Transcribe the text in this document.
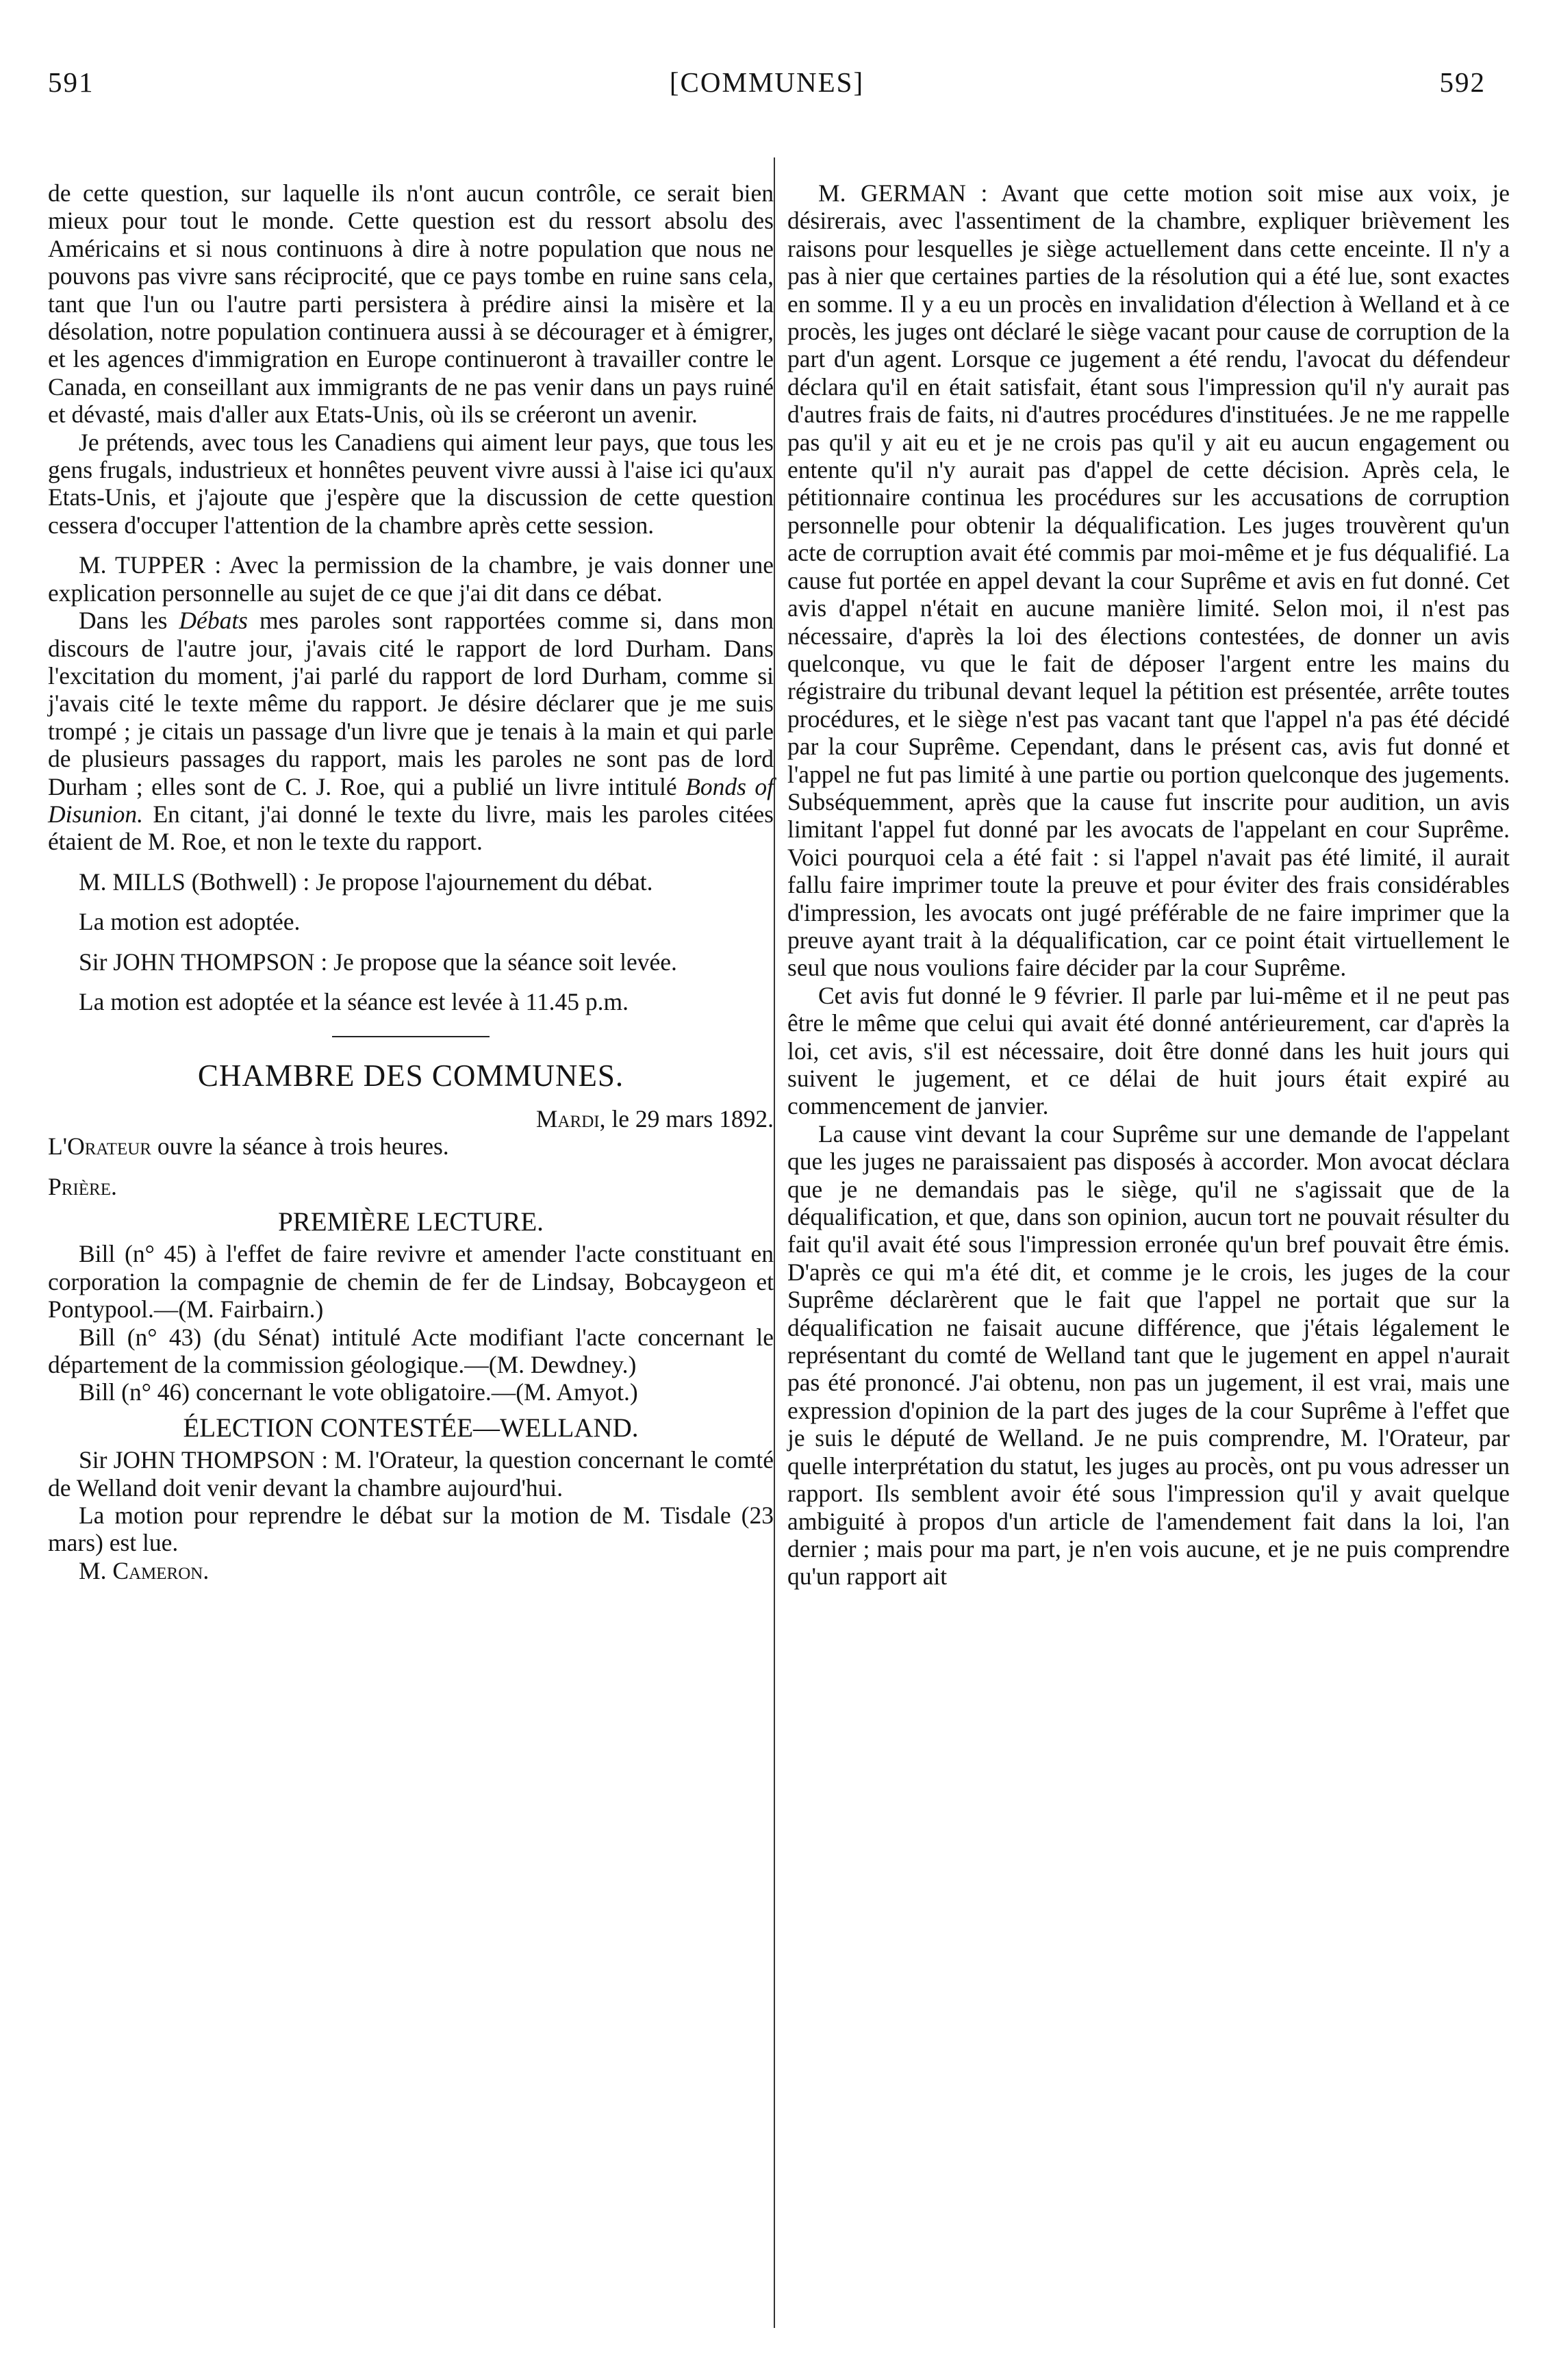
591	[COMMUNES]	592

de cette question, sur laquelle ils n'ont aucun contrôle, ce serait bien mieux pour tout le monde. Cette question est du ressort absolu des Américains et si nous continuons à dire à notre population que nous ne pouvons pas vivre sans réciprocité, que ce pays tombe en ruine sans cela, tant que l'un ou l'autre parti persistera à prédire ainsi la misère et la désolation, notre population continuera aussi à se décourager et à émigrer, et les agences d'immigration en Europe continueront à travailler contre le Canada, en conseillant aux immigrants de ne pas venir dans un pays ruiné et dévasté, mais d'aller aux Etats-Unis, où ils se créeront un avenir.

Je prétends, avec tous les Canadiens qui aiment leur pays, que tous les gens frugals, industrieux et honnêtes peuvent vivre aussi à l'aise ici qu'aux Etats-Unis, et j'ajoute que j'espère que la discussion de cette question cessera d'occuper l'attention de la chambre après cette session.

M. TUPPER : Avec la permission de la chambre, je vais donner une explication personnelle au sujet de ce que j'ai dit dans ce débat.

Dans les Débats mes paroles sont rapportées comme si, dans mon discours de l'autre jour, j'avais cité le rapport de lord Durham. Dans l'excitation du moment, j'ai parlé du rapport de lord Durham, comme si j'avais cité le texte même du rapport. Je désire déclarer que je me suis trompé ; je citais un passage d'un livre que je tenais à la main et qui parle de plusieurs passages du rapport, mais les paroles ne sont pas de lord Durham ; elles sont de C. J. Roe, qui a publié un livre intitulé Bonds of Disunion. En citant, j'ai donné le texte du livre, mais les paroles citées étaient de M. Roe, et non le texte du rapport.

M. MILLS (Bothwell) : Je propose l'ajournement du débat.

La motion est adoptée.

Sir JOHN THOMPSON : Je propose que la séance soit levée.

La motion est adoptée et la séance est levée à 11.45 p.m.

CHAMBRE DES COMMUNES.

Mardi, le 29 mars 1892.

L'Orateur ouvre la séance à trois heures.

Prière.

PREMIÈRE LECTURE.

Bill (n° 45) à l'effet de faire revivre et amender l'acte constituant en corporation la compagnie de chemin de fer de Lindsay, Bobcaygeon et Pontypool.—(M. Fairbairn.)

Bill (n° 43) (du Sénat) intitulé Acte modifiant l'acte concernant le département de la commission géologique.—(M. Dewdney.)

Bill (n° 46) concernant le vote obligatoire.—(M. Amyot.)

ÉLECTION CONTESTÉE—WELLAND.

Sir JOHN THOMPSON : M. l'Orateur, la question concernant le comté de Welland doit venir devant la chambre aujourd'hui.

La motion pour reprendre le débat sur la motion de M. Tisdale (23 mars) est lue.

M. Cameron.

M. GERMAN : Avant que cette motion soit mise aux voix, je désirerais, avec l'assentiment de la chambre, expliquer brièvement les raisons pour lesquelles je siège actuellement dans cette enceinte. Il n'y a pas à nier que certaines parties de la résolution qui a été lue, sont exactes en somme. Il y a eu un procès en invalidation d'élection à Welland et à ce procès, les juges ont déclaré le siège vacant pour cause de corruption de la part d'un agent. Lorsque ce jugement a été rendu, l'avocat du défendeur déclara qu'il en était satisfait, étant sous l'impression qu'il n'y aurait pas d'autres frais de faits, ni d'autres procédures d'instituées. Je ne me rappelle pas qu'il y ait eu et je ne crois pas qu'il y ait eu aucun engagement ou entente qu'il n'y aurait pas d'appel de cette décision. Après cela, le pétitionnaire continua les procédures sur les accusations de corruption personnelle pour obtenir la déqualification. Les juges trouvèrent qu'un acte de corruption avait été commis par moi-même et je fus déqualifié. La cause fut portée en appel devant la cour Suprême et avis en fut donné. Cet avis d'appel n'était en aucune manière limité. Selon moi, il n'est pas nécessaire, d'après la loi des élections contestées, de donner un avis quelconque, vu que le fait de déposer l'argent entre les mains du régistraire du tribunal devant lequel la pétition est présentée, arrête toutes procédures, et le siège n'est pas vacant tant que l'appel n'a pas été décidé par la cour Suprême. Cependant, dans le présent cas, avis fut donné et l'appel ne fut pas limité à une partie ou portion quelconque des jugements. Subséquemment, après que la cause fut inscrite pour audition, un avis limitant l'appel fut donné par les avocats de l'appelant en cour Suprême. Voici pourquoi cela a été fait : si l'appel n'avait pas été limité, il aurait fallu faire imprimer toute la preuve et pour éviter des frais considérables d'impression, les avocats ont jugé préférable de ne faire imprimer que la preuve ayant trait à la déqualification, car ce point était virtuellement le seul que nous voulions faire décider par la cour Suprême.

Cet avis fut donné le 9 février. Il parle par lui-même et il ne peut pas être le même que celui qui avait été donné antérieurement, car d'après la loi, cet avis, s'il est nécessaire, doit être donné dans les huit jours qui suivent le jugement, et ce délai de huit jours était expiré au commencement de janvier.

La cause vint devant la cour Suprême sur une demande de l'appelant que les juges ne paraissaient pas disposés à accorder. Mon avocat déclara que je ne demandais pas le siège, qu'il ne s'agissait que de la déqualification, et que, dans son opinion, aucun tort ne pouvait résulter du fait qu'il avait été sous l'impression erronée qu'un bref pouvait être émis. D'après ce qui m'a été dit, et comme je le crois, les juges de la cour Suprême déclarèrent que le fait que l'appel ne portait que sur la déqualification ne faisait aucune différence, que j'étais légalement le représentant du comté de Welland tant que le jugement en appel n'aurait pas été prononcé. J'ai obtenu, non pas un jugement, il est vrai, mais une expression d'opinion de la part des juges de la cour Suprême à l'effet que je suis le député de Welland. Je ne puis comprendre, M. l'Orateur, par quelle interprétation du statut, les juges au procès, ont pu vous adresser un rapport. Ils semblent avoir été sous l'impression qu'il y avait quelque ambiguité à propos d'un article de l'amendement fait dans la loi, l'an dernier ; mais pour ma part, je n'en vois aucune, et je ne puis comprendre qu'un rapport ait
